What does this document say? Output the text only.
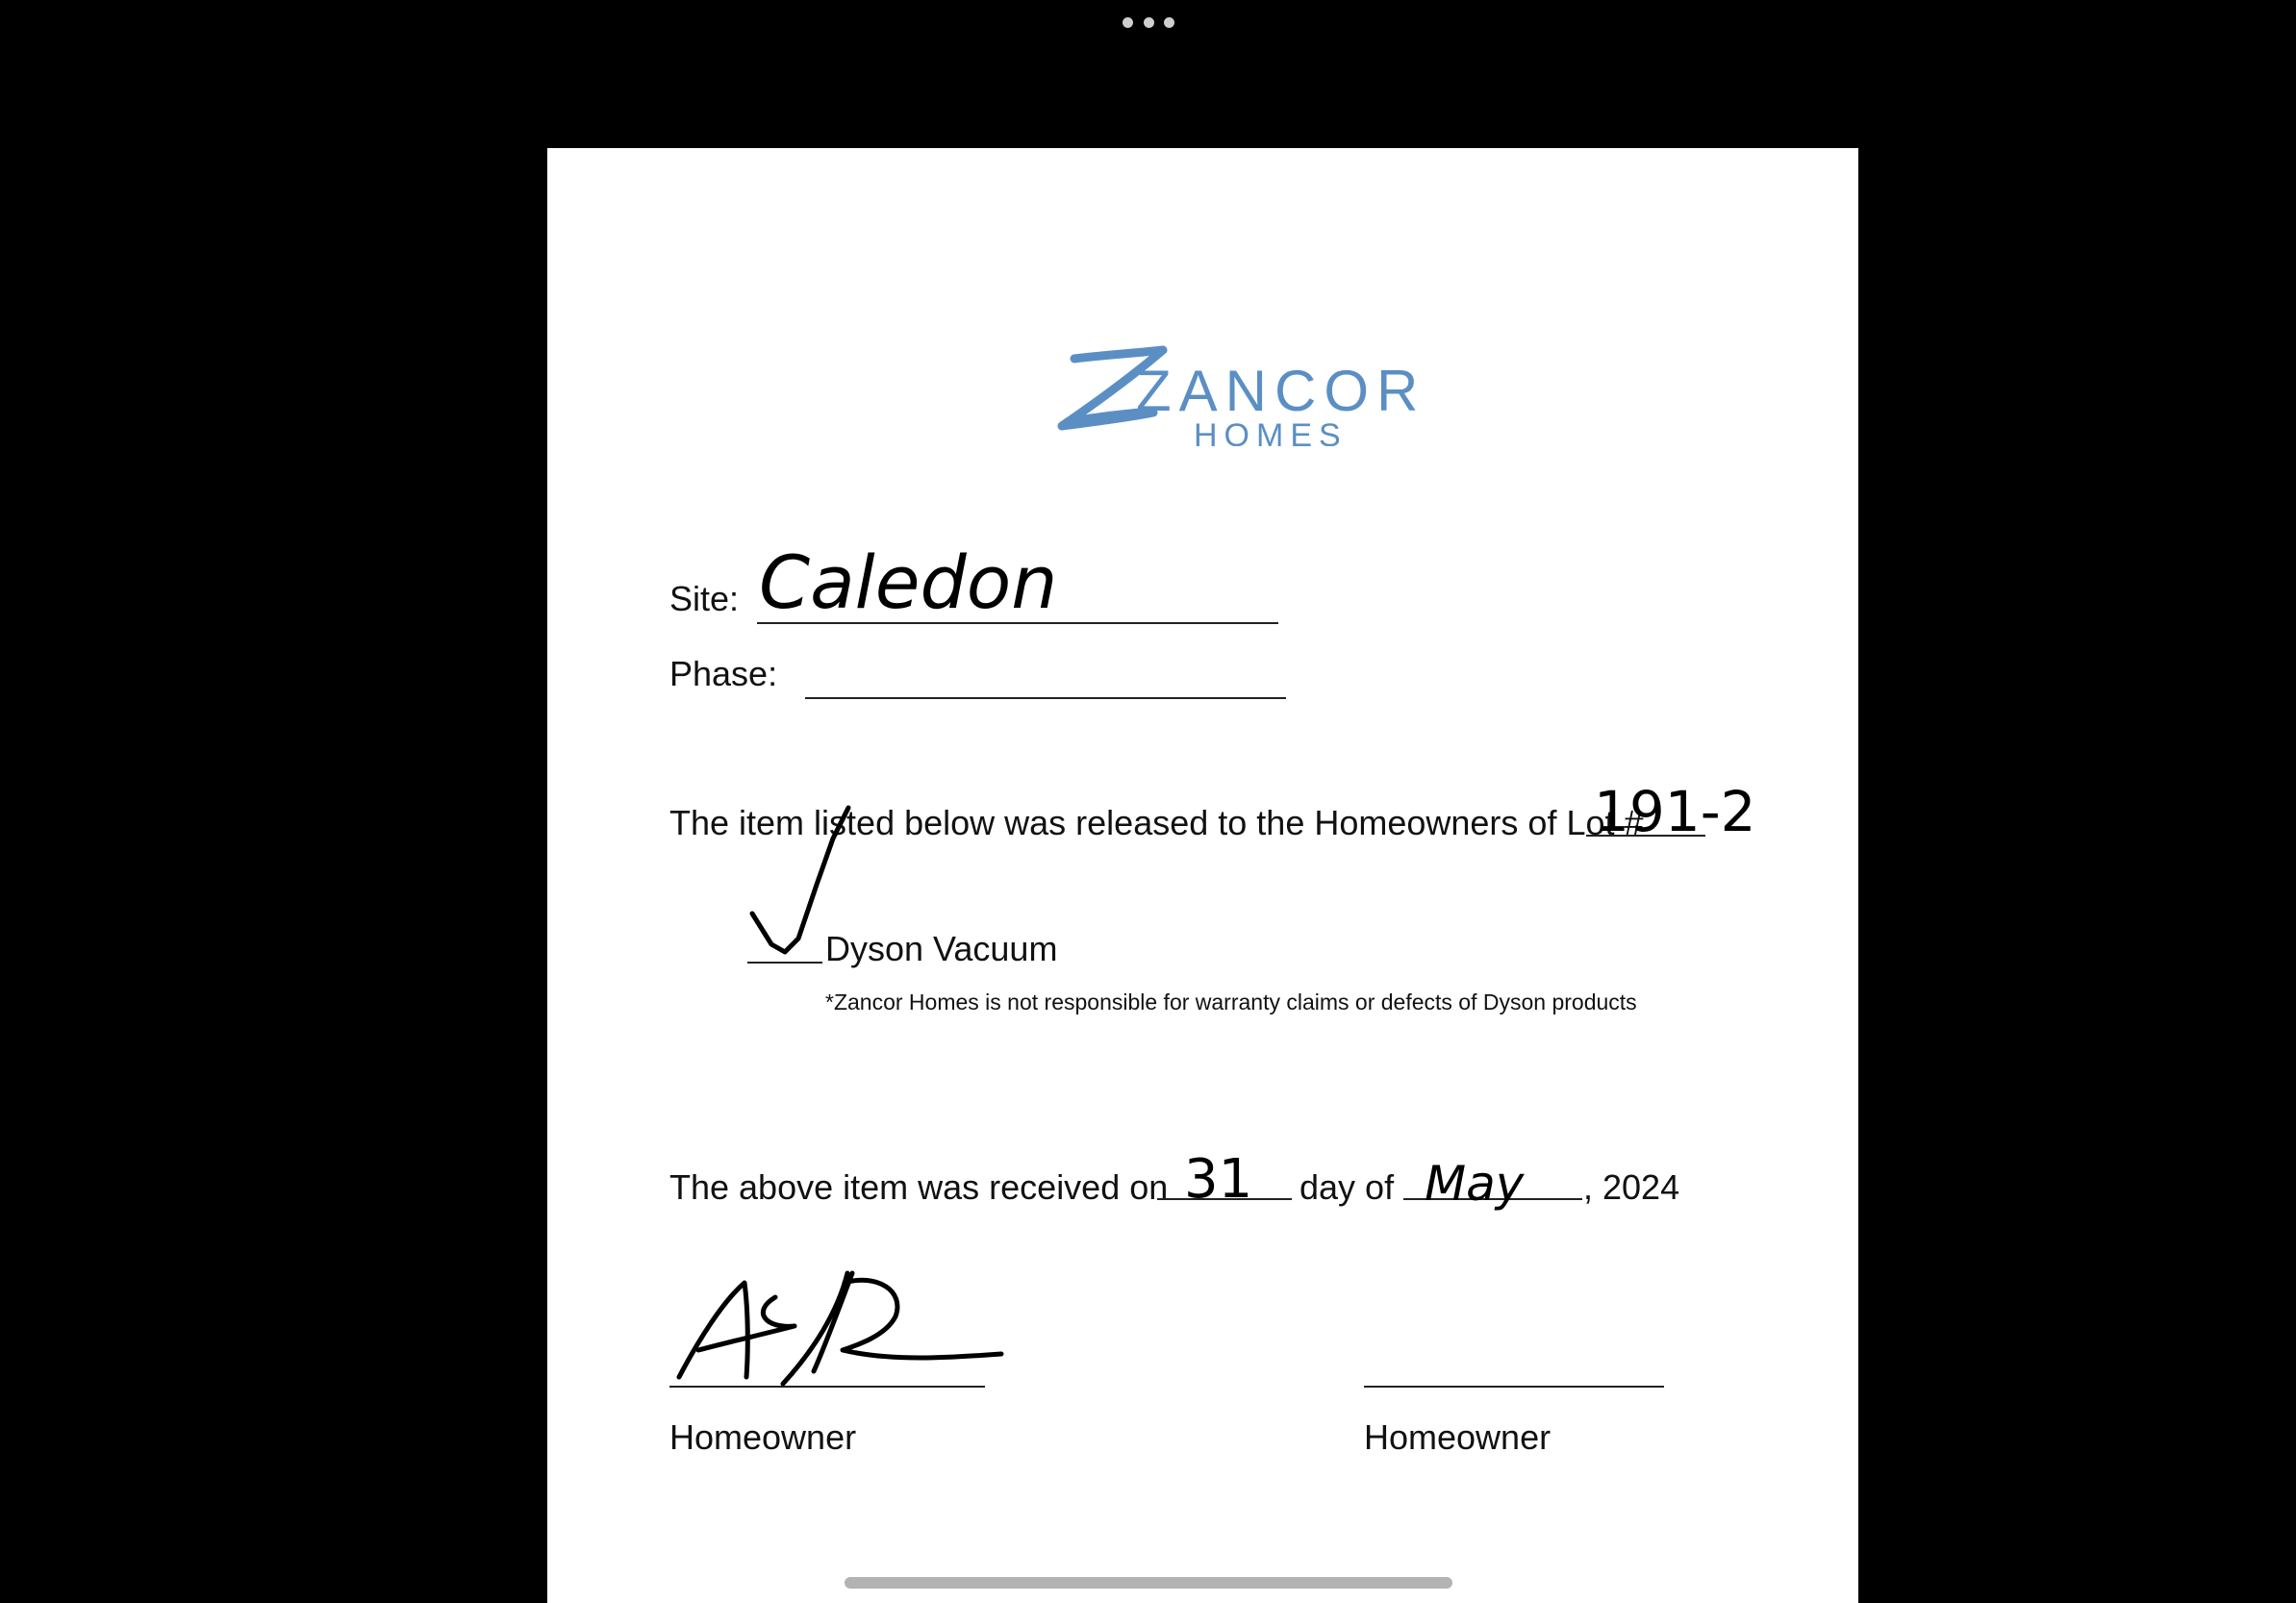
ZANCOR
HOMES
Site: Caledon
Phase:
The item listed below was released to the Homeowners of Lot #
191-2
Dyson Vacuum
*Zancor Homes is not responsible for warranty claims or defects of Dyson products
The above item was received on 31 day of May , 2024
Homeowner	Homeowner
